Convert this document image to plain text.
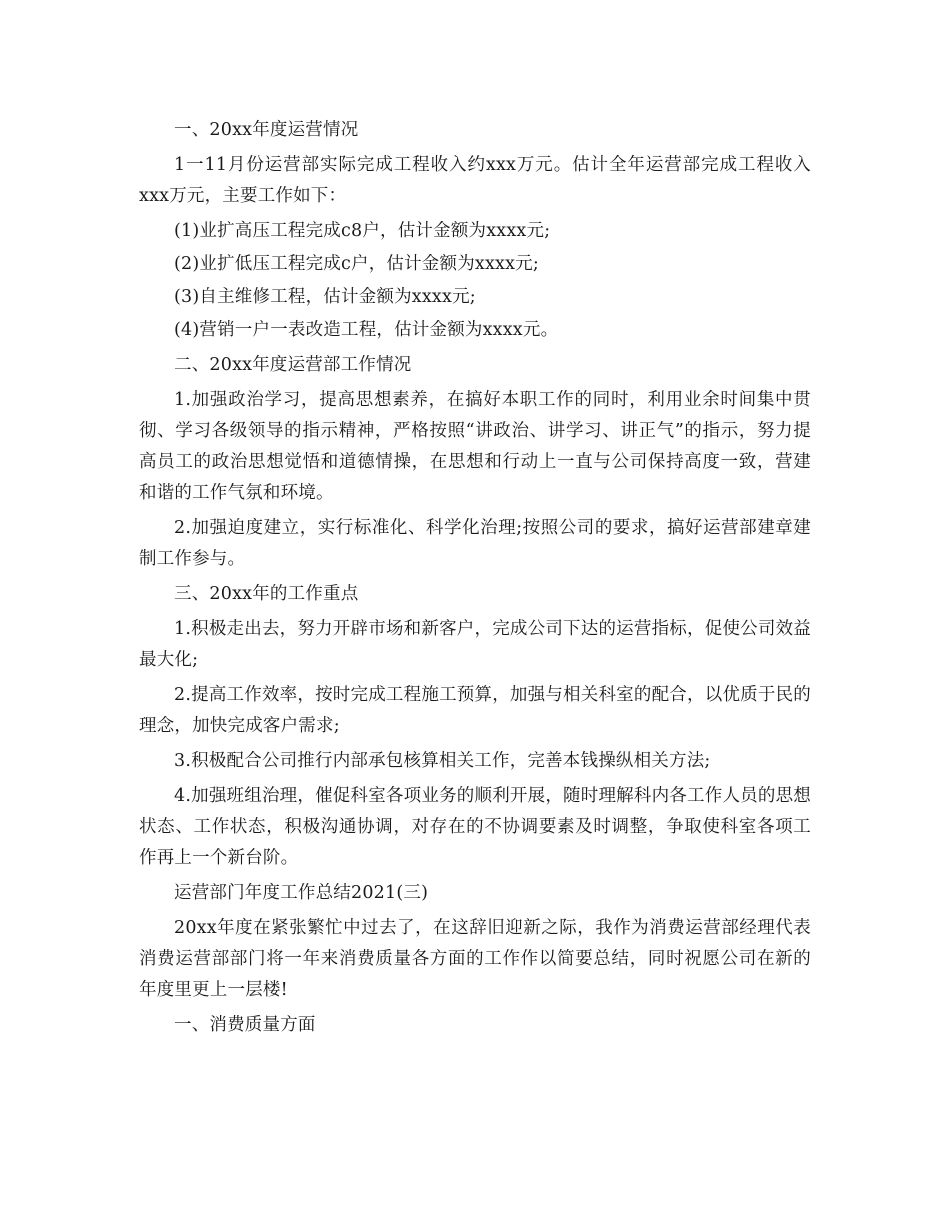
一、20xx年度运营情况

1一11月份运营部实际完成工程收入约xxx万元。估计全年运营部完成工程收入xxx万元，主要工作如下：

(1)业扩高压工程完成c8户，估计金额为xxxx元;

(2)业扩低压工程完成c户，估计金额为xxxx元;

(3)自主维修工程，估计金额为xxxx元;

(4)营销一户一表改造工程，估计金额为xxxx元。

二、20xx年度运营部工作情况

1.加强政治学习，提高思想素养，在搞好本职工作的同时，利用业余时间集中贯彻、学习各级领导的指示精神，严格按照“讲政治、讲学习、讲正气”的指示，努力提高员工的政治思想觉悟和道德情操，在思想和行动上一直与公司保持高度一致，营建和谐的工作气氛和环境。

2.加强迫度建立，实行标准化、科学化治理;按照公司的要求，搞好运营部建章建制工作参与。

三、20xx年的工作重点

1.积极走出去，努力开辟市场和新客户，完成公司下达的运营指标，促使公司效益最大化;

2.提高工作效率，按时完成工程施工预算，加强与相关科室的配合，以优质于民的理念，加快完成客户需求;

3.积极配合公司推行内部承包核算相关工作，完善本钱操纵相关方法;

4.加强班组治理，催促科室各项业务的顺利开展，随时理解科内各工作人员的思想状态、工作状态，积极沟通协调，对存在的不协调要素及时调整，争取使科室各项工作再上一个新台阶。

运营部门年度工作总结2021(三)

20xx年度在紧张繁忙中过去了，在这辞旧迎新之际，我作为消费运营部经理代表消费运营部部门将一年来消费质量各方面的工作作以简要总结，同时祝愿公司在新的年度里更上一层楼!

一、消费质量方面
